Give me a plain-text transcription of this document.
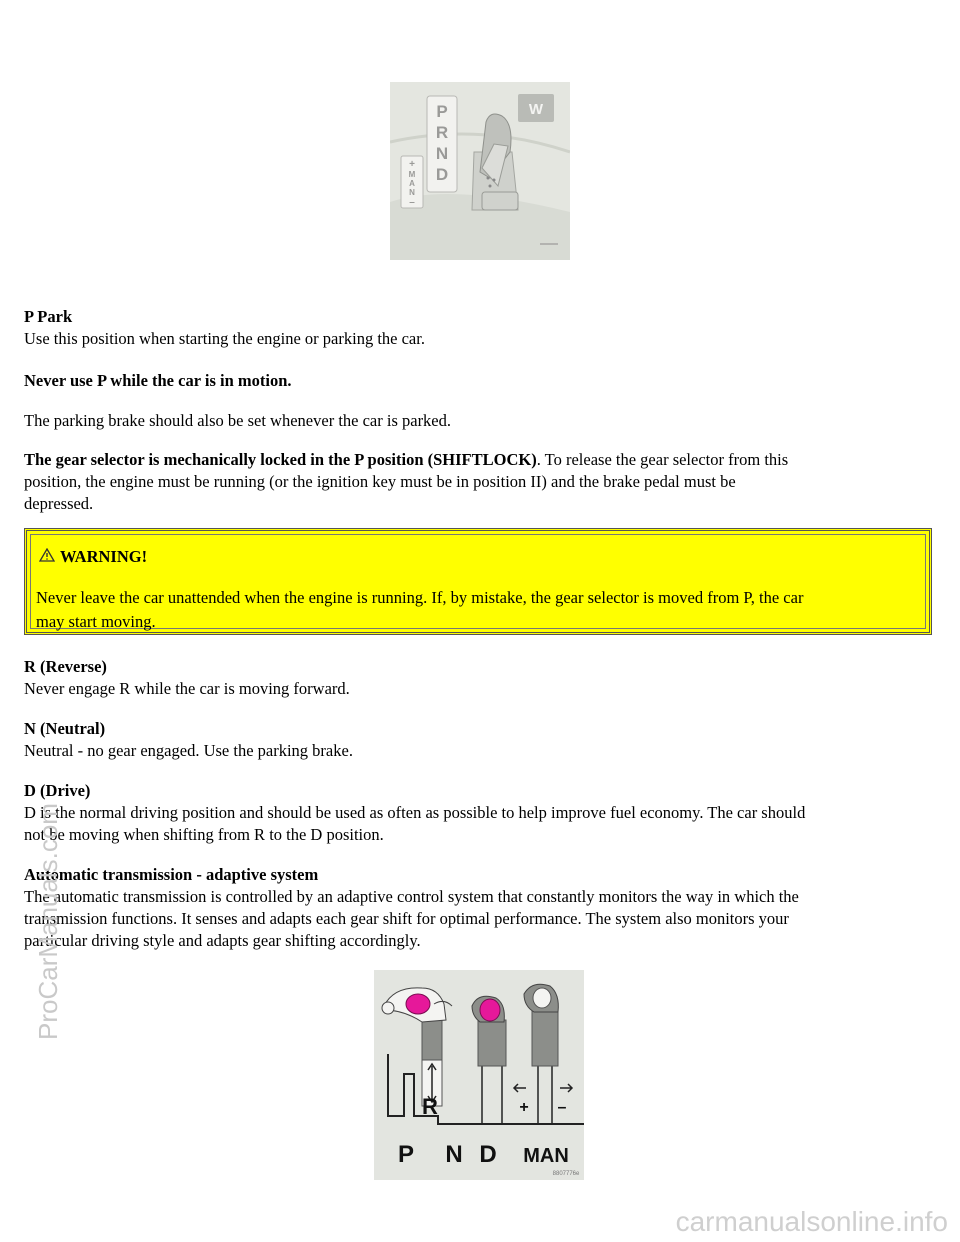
P
R
N
D
+
M
A
N
–
W

P Park

Use this position when starting the engine or parking the car.

Never use P while the car is in motion.

The parking brake should also be set whenever the car is parked.

The gear selector is mechanically locked in the P position (SHIFTLOCK). To release the gear selector from this

position, the engine must be running (or the ignition key must be in position II) and the brake pedal must be

depressed.

WARNING!
Never leave the car unattended when the engine is running. If, by mistake, the gear selector is moved from P, the car
may start moving.

R (Reverse)

Never engage R while the car is moving forward.

N (Neutral)

Neutral - no gear engaged. Use the parking brake.

D (Drive)

D is the normal driving position and should be used as often as possible to help improve fuel economy. The car should

not be moving when shifting from R to the D position.

Automatic transmission - adaptive system

The automatic transmission is controlled by an adaptive control system that constantly monitors the way in which the

transmission functions. It senses and adapts each gear shift for optimal performance. The system also monitors your

particular driving style and adapts gear shifting accordingly.

R	+ –
P N D MAN
8807776e
ProCarManuals.com
carmanualsonline.info
